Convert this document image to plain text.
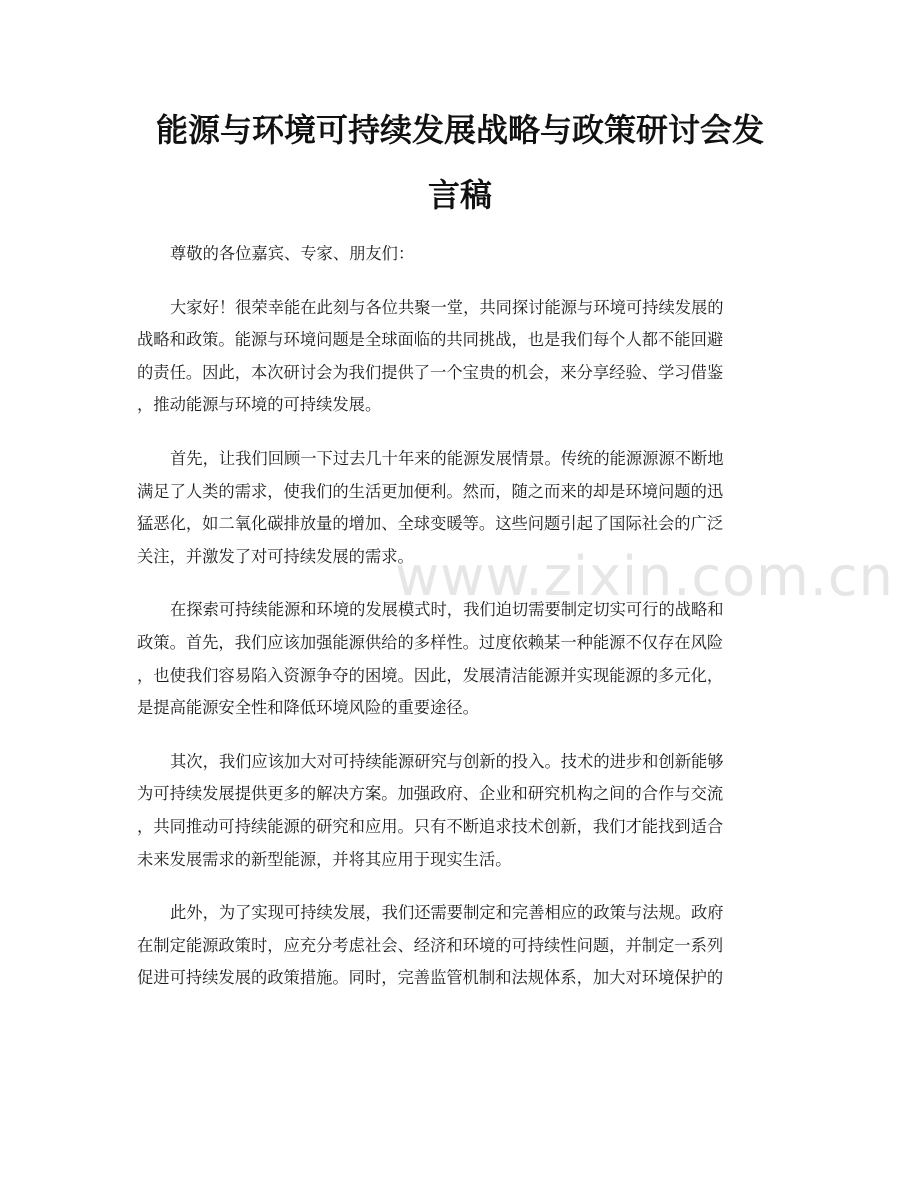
www.zixin.com.cn
能源与环境可持续发展战略与政策研讨会发
言稿

尊敬的各位嘉宾、专家、朋友们：

大家好！很荣幸能在此刻与各位共聚一堂，共同探讨能源与环境可持续发展的
战略和政策。能源与环境问题是全球面临的共同挑战，也是我们每个人都不能回避
的责任。因此，本次研讨会为我们提供了一个宝贵的机会，来分享经验、学习借鉴
，推动能源与环境的可持续发展。

首先，让我们回顾一下过去几十年来的能源发展情景。传统的能源源源不断地
满足了人类的需求，使我们的生活更加便利。然而，随之而来的却是环境问题的迅
猛恶化，如二氧化碳排放量的增加、全球变暖等。这些问题引起了国际社会的广泛
关注，并激发了对可持续发展的需求。

在探索可持续能源和环境的发展模式时，我们迫切需要制定切实可行的战略和
政策。首先，我们应该加强能源供给的多样性。过度依赖某一种能源不仅存在风险
，也使我们容易陷入资源争夺的困境。因此，发展清洁能源并实现能源的多元化，
是提高能源安全性和降低环境风险的重要途径。

其次，我们应该加大对可持续能源研究与创新的投入。技术的进步和创新能够
为可持续发展提供更多的解决方案。加强政府、企业和研究机构之间的合作与交流
，共同推动可持续能源的研究和应用。只有不断追求技术创新，我们才能找到适合
未来发展需求的新型能源，并将其应用于现实生活。

此外，为了实现可持续发展，我们还需要制定和完善相应的政策与法规。政府
在制定能源政策时，应充分考虑社会、经济和环境的可持续性问题，并制定一系列
促进可持续发展的政策措施。同时，完善监管机制和法规体系，加大对环境保护的
